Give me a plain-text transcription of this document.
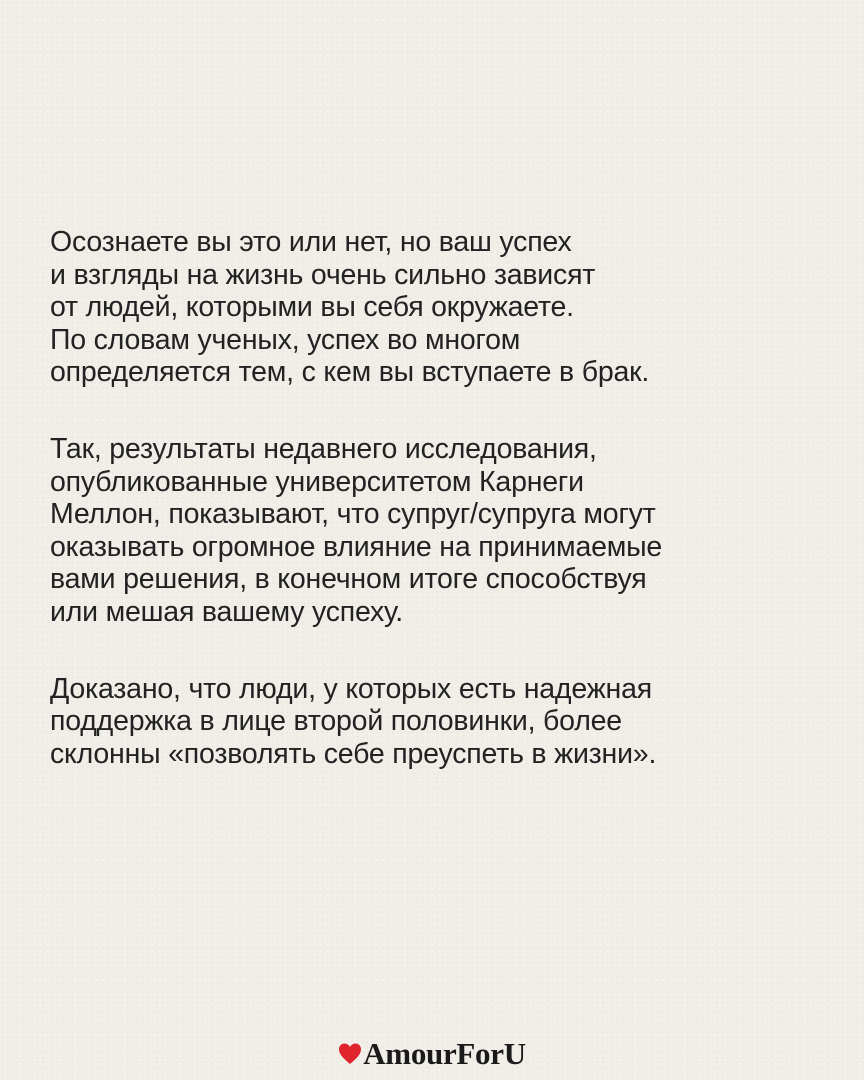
Осознаете вы это или нет, но ваш успех
и взгляды на жизнь очень сильно зависят
от людей, которыми вы себя окружаете.
По словам ученых, успех во многом
определяется тем, с кем вы вступаете в брак.
Так, результаты недавнего исследования,
опубликованные университетом Карнеги
Меллон, показывают, что супруг/супруга могут
оказывать огромное влияние на принимаемые
вами решения, в конечном итоге способствуя
или мешая вашему успеху.
Доказано, что люди, у которых есть надежная
поддержка в лице второй половинки, более
склонны «позволять себе преуспеть в жизни».
AmourForU
